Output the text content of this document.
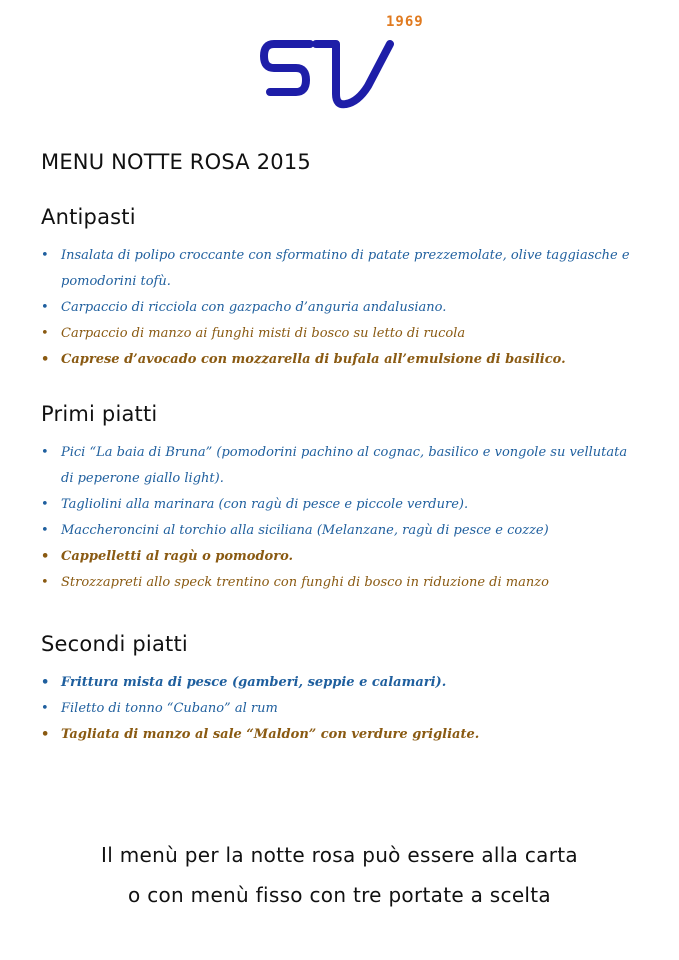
1969
MENU NOTTE ROSA 2015
Antipasti
• Insalata di polipo croccante con sformatino di patate prezzemolate, olive taggiasche e pomodorini tofù.
• Carpaccio di ricciola con gazpacho d’anguria andalusiano.
• Carpaccio di manzo ai funghi misti di bosco su letto di rucola
• Caprese d’avocado con mozzarella di bufala all’emulsione di basilico.
Primi piatti
• Pici “La baia di Bruna” (pomodorini pachino al cognac, basilico e vongole su vellutata di peperone giallo light).
• Tagliolini alla marinara (con ragù di pesce e piccole verdure).
• Maccheroncini al torchio alla siciliana (Melanzane, ragù di pesce e cozze)
• Cappelletti al ragù o pomodoro.
• Strozzapreti allo speck trentino con funghi di bosco in riduzione di manzo
Secondi piatti
• Frittura mista di pesce (gamberi, seppie e calamari).
• Filetto di tonno “Cubano” al rum
• Tagliata di manzo al sale “Maldon” con verdure grigliate.
Il menù per la notte rosa può essere alla carta
o con menù fisso con tre portate a scelta
